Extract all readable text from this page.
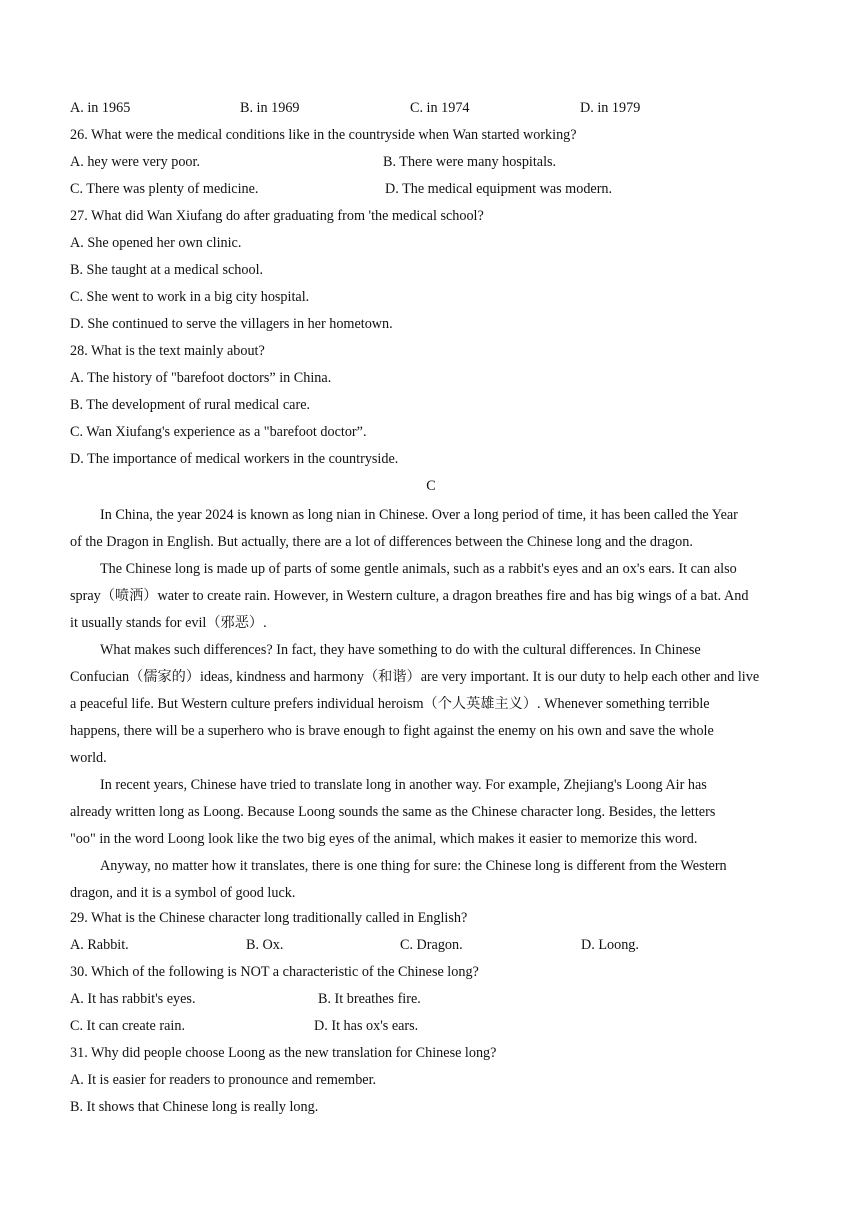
A. in 1965	B. in 1969	C. in 1974	D. in 1979
26. What were the medical conditions like in the countryside when Wan started working?
A. hey were very poor.	B. There were many hospitals.
C. There was plenty of medicine.	D. The medical equipment was modern.
27. What did Wan Xiufang do after graduating from 'the medical school?
A. She opened her own clinic.
B. She taught at a medical school.
C. She went to work in a big city hospital.
D. She continued to serve the villagers in her hometown.
28. What is the text mainly about?
A. The history of "barefoot doctors” in China.
B. The development of rural medical care.
C. Wan Xiufang's experience as a "barefoot doctor”.
D. The importance of medical workers in the countryside.
C
In China, the year 2024 is known as long nian in Chinese. Over a long period of time, it has been called the Year
of the Dragon in English. But actually, there are a lot of differences between the Chinese long and the dragon.
The Chinese long is made up of parts of some gentle animals, such as a rabbit's eyes and an ox's ears. It can also
spray（喷洒）water to create rain. However, in Western culture, a dragon breathes fire and has big wings of a bat. And
it usually stands for evil（邪恶）.
What makes such differences? In fact, they have something to do with the cultural differences. In Chinese
Confucian（儒家的）ideas, kindness and harmony（和谐）are very important. It is our duty to help each other and live
a peaceful life. But Western culture prefers individual heroism（个人英雄主义）. Whenever something terrible
happens, there will be a superhero who is brave enough to fight against the enemy on his own and save the whole
world.
In recent years, Chinese have tried to translate long in another way. For example, Zhejiang's Loong Air has
already written long as Loong. Because Loong sounds the same as the Chinese character long. Besides, the letters
"oo" in the word Loong look like the two big eyes of the animal, which makes it easier to memorize this word.
Anyway, no matter how it translates, there is one thing for sure: the Chinese long is different from the Western
dragon, and it is a symbol of good luck.
29. What is the Chinese character long traditionally called in English?
A. Rabbit.	B. Ox.	C. Dragon.	D. Loong.
30. Which of the following is NOT a characteristic of the Chinese long?
A. It has rabbit's eyes.	B. It breathes fire.
C. It can create rain.	D. It has ox's ears.
31. Why did people choose Loong as the new translation for Chinese long?
A. It is easier for readers to pronounce and remember.
B. It shows that Chinese long is really long.
